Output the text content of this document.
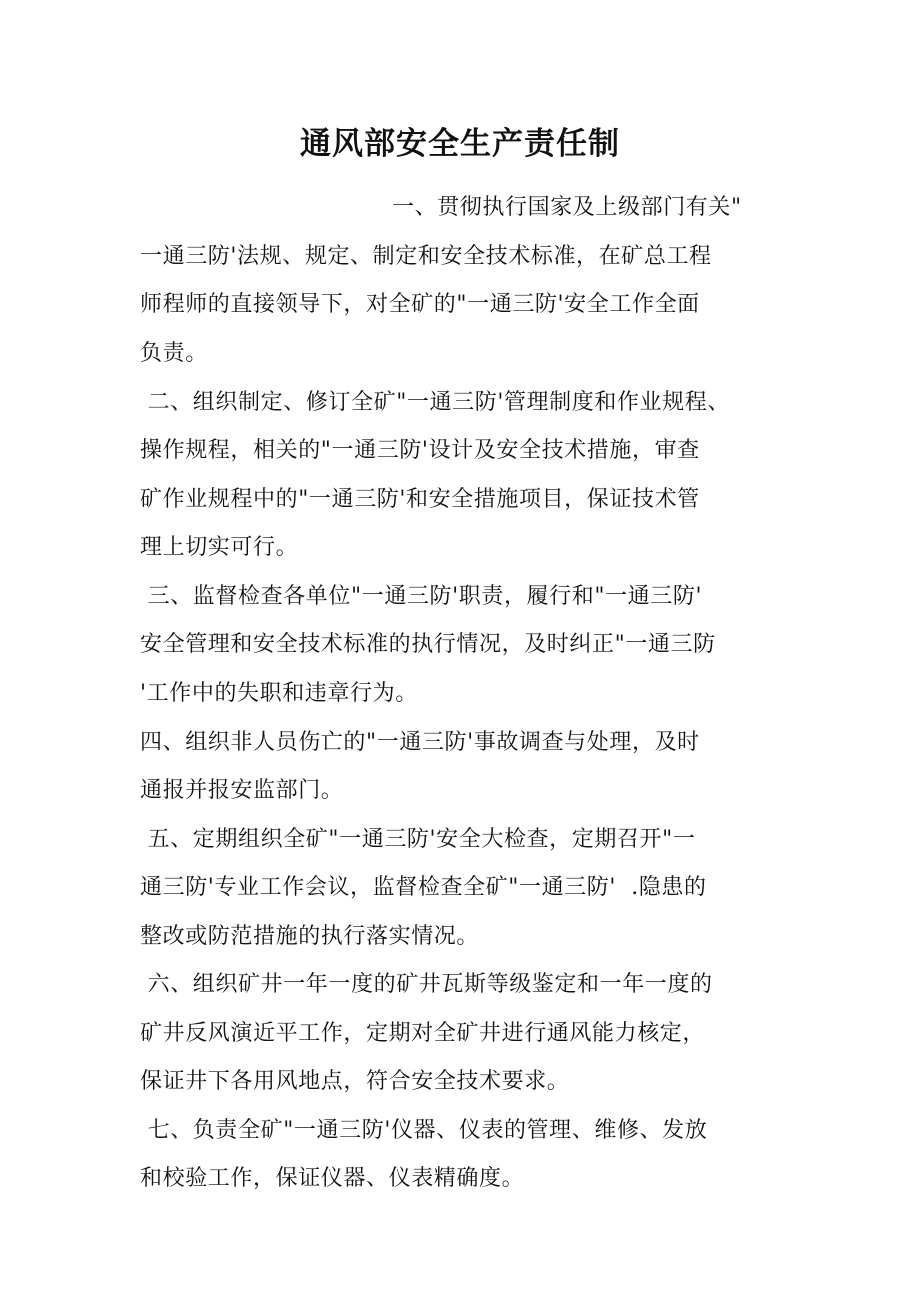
通风部安全生产责任制
一、贯彻执行国家及上级部门有关"
一通三防'法规、规定、制定和安全技术标准，在矿总工程
师程师的直接领导下，对全矿的"一通三防'安全工作全面
负责。
二、组织制定、修订全矿"一通三防'管理制度和作业规程、
操作规程，相关的"一通三防'设计及安全技术措施，审查
矿作业规程中的"一通三防'和安全措施项目，保证技术管
理上切实可行。
三、监督检查各单位"一通三防'职责，履行和"一通三防'
安全管理和安全技术标准的执行情况，及时纠正"一通三防
'工作中的失职和违章行为。
四、组织非人员伤亡的"一通三防'事故调查与处理，及时
通报并报安监部门。
五、定期组织全矿"一通三防'安全大检查，定期召开"一
通三防'专业工作会议，监督检查全矿"一通三防'  .隐患的
整改或防范措施的执行落实情况。
六、组织矿井一年一度的矿井瓦斯等级鉴定和一年一度的
矿井反风演近平工作，定期对全矿井进行通风能力核定，
保证井下各用风地点，符合安全技术要求。
七、负责全矿"一通三防'仪器、仪表的管理、维修、发放
和校验工作，保证仪器、仪表精确度。
